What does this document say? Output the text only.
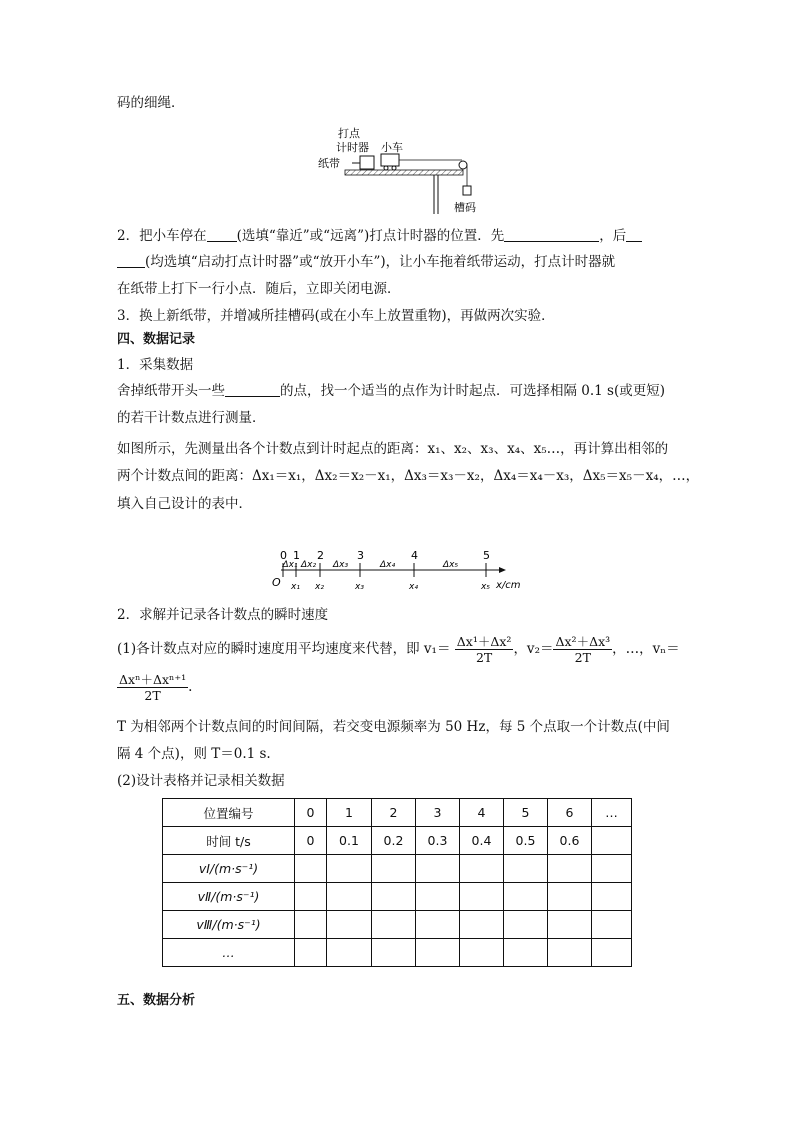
码的细绳．
打点
计时器 小车
纸带
槽码
2．把小车停在 (选填“靠近”或“远离”)打点计时器的位置．先	，后
(均选填“启动打点计时器”或“放开小车”)，让小车拖着纸带运动，打点计时器就
在纸带上打下一行小点．随后，立即关闭电源．
3．换上新纸带，并增减所挂槽码(或在小车上放置重物)，再做两次实验．
四、数据记录
1．采集数据
舍掉纸带开头一些	的点，找一个适当的点作为计时起点．可选择相隔 0.1 s(或更短)
的若干计数点进行测量．
如图所示，先测量出各个计数点到计时起点的距离：x₁、x₂、x₃、x₄、x₅…，再计算出相邻的
两个计数点间的距离：Δx₁＝x₁，Δx₂＝x₂－x₁，Δx₃＝x₃－x₂，Δx₄＝x₄－x₃，Δx₅＝x₅－x₄，…，
填入自己设计的表中．
O	x/cm
0 1
x₁
Δx₁
2
x₂
Δx₂
3
x₃
Δx₃
4
x₄
Δx₄
5
x₅
Δx₅
2．求解并记录各计数点的瞬时速度
(1)各计数点对应的瞬时速度用平均速度来代替，即 $v_1= \frac{\text{Δx¹＋Δx²}}{2T}$ ，$v_2= \frac{\text{Δx²＋Δx³}}{2T}$ ，…，vₙ＝
$\frac{\text{Δxⁿ＋Δxⁿ⁺¹}}{2T}$ .
T 为相邻两个计数点间的时间间隔，若交变电源频率为 50 Hz，每 5 个点取一个计数点(中间
隔 4 个点)，则 T＝0.1 s.
(2)设计表格并记录相关数据
位置编号	0	1	2	3	4	5	6	…
时间 t/s	0	0.1	0.2	0.3	0.4	0.5	0.6	
vⅠ/(m·s⁻¹)								
vⅡ/(m·s⁻¹)								
vⅢ/(m·s⁻¹)								
…								
五、数据分析
